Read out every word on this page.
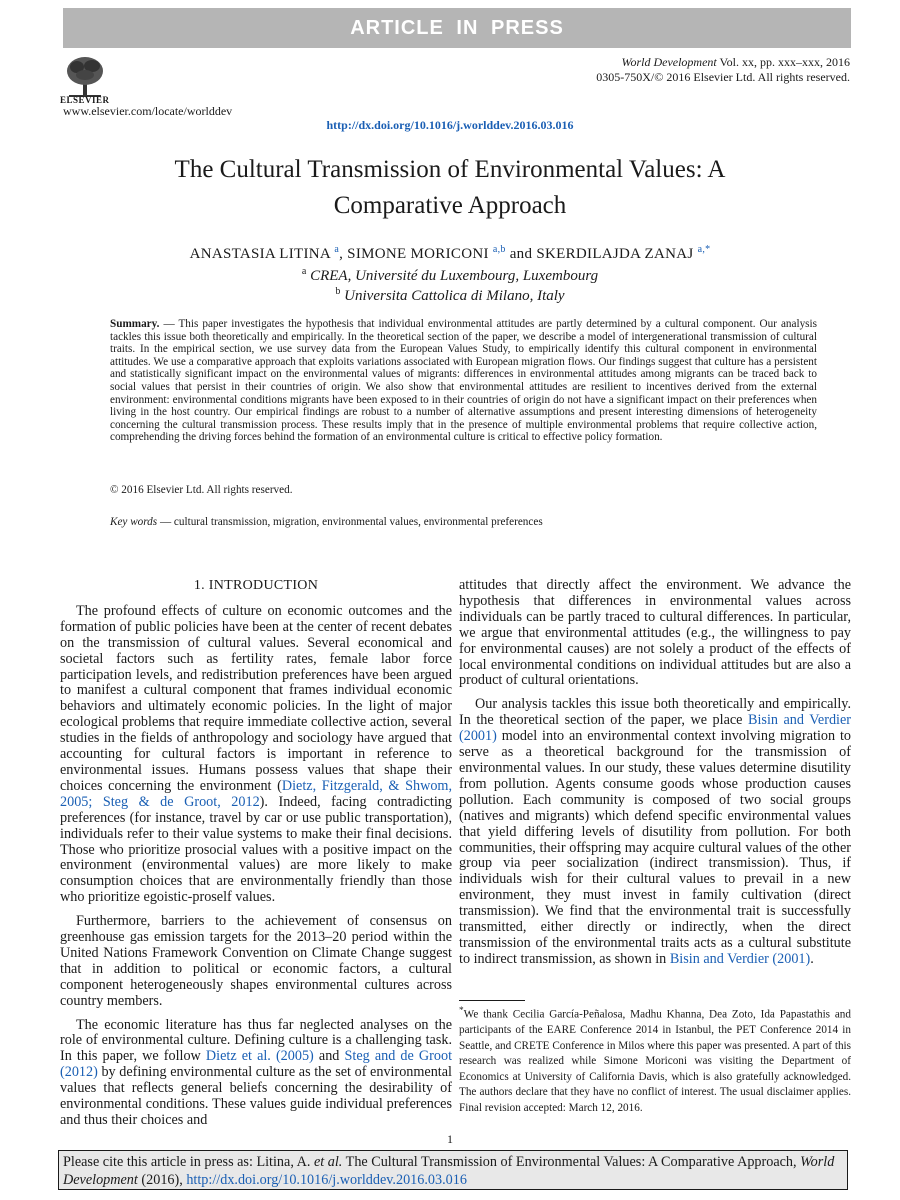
ARTICLE IN PRESS
ELSEVIER
www.elsevier.com/locate/worlddev
World Development Vol. xx, pp. xxx–xxx, 2016
0305-750X/© 2016 Elsevier Ltd. All rights reserved.
http://dx.doi.org/10.1016/j.worlddev.2016.03.016
The Cultural Transmission of Environmental Values: A
Comparative Approach
ANASTASIA LITINA $^a$, SIMONE MORICONI $^{a,b}$ and SKERDILAJDA ZANAJ $^{a,*}$
$^a$ CREA, Université du Luxembourg, Luxembourg
$^b$ Universita Cattolica di Milano, Italy
Summary. — This paper investigates the hypothesis that individual environmental attitudes are partly determined by a cultural component. Our analysis tackles this issue both theoretically and empirically. In the theoretical section of the paper, we describe a model of intergenerational transmission of cultural traits. In the empirical section, we use survey data from the European Values Study, to empirically identify this cultural component in environmental attitudes. We use a comparative approach that exploits variations associated with European migration flows. Our findings suggest that culture has a persistent and statistically significant impact on the environmental values of migrants: differences in environmental attitudes among migrants can be traced back to social values that persist in their countries of origin. We also show that environmental attitudes are resilient to incentives derived from the external environment: environmental conditions migrants have been exposed to in their countries of origin do not have a significant impact on their preferences when living in the host country. Our empirical findings are robust to a number of alternative assumptions and present interesting dimensions of heterogeneity concerning the cultural transmission process. These results imply that in the presence of multiple environmental problems that require collective action, comprehending the driving forces behind the formation of an environmental culture is critical to effective policy formation.
© 2016 Elsevier Ltd. All rights reserved.
Key words — cultural transmission, migration, environmental values, environmental preferences
1. INTRODUCTION

The profound effects of culture on economic outcomes and the formation of public policies have been at the center of recent debates on the transmission of cultural values. Several economical and societal factors such as fertility rates, female labor force participation levels, and redistribution preferences have been argued to manifest a cultural component that frames individual economic behaviors and ultimately economic policies. In the light of major ecological problems that require immediate collective action, several studies in the fields of anthropology and sociology have argued that accounting for cultural factors is important in reference to environmental issues. Humans possess values that shape their choices concerning the environment (Dietz, Fitzgerald, & Shwom, 2005; Steg & de Groot, 2012). Indeed, facing contradicting preferences (for instance, travel by car or use public transportation), individuals refer to their value systems to make their final decisions. Those who prioritize prosocial values with a positive impact on the environment (environmental values) are more likely to make consumption choices that are environmentally friendly than those who prioritize egoistic-proself values.

Furthermore, barriers to the achievement of consensus on greenhouse gas emission targets for the 2013–20 period within the United Nations Framework Convention on Climate Change suggest that in addition to political or economic factors, a cultural component heterogeneously shapes environmental cultures across country members.

The economic literature has thus far neglected analyses on the role of environmental culture. Defining culture is a challenging task. In this paper, we follow Dietz et al. (2005) and Steg and de Groot (2012) by defining environmental culture as the set of environmental values that reflects general beliefs concerning the desirability of environmental conditions. These values guide individual preferences and thus their choices and

attitudes that directly affect the environment. We advance the hypothesis that differences in environmental values across individuals can be partly traced to cultural differences. In particular, we argue that environmental attitudes (e.g., the willingness to pay for environmental causes) are not solely a product of the effects of local environmental conditions on individual attitudes but are also a product of cultural orientations.

Our analysis tackles this issue both theoretically and empirically. In the theoretical section of the paper, we place Bisin and Verdier (2001) model into an environmental context involving migration to serve as a theoretical background for the transmission of environmental values. In our study, these values determine disutility from pollution. Agents consume goods whose production causes pollution. Each community is composed of two social groups (natives and migrants) which defend specific environmental values that yield differing levels of disutility from pollution. For both communities, their offspring may acquire cultural values of the other group via peer socialization (indirect transmission). Thus, if individuals wish for their cultural values to prevail in a new environment, they must invest in family cultivation (direct transmission). We find that the environmental trait is successfully transmitted, either directly or indirectly, when the direct transmission of the environmental traits acts as a cultural substitute to indirect transmission, as shown in Bisin and Verdier (2001).

*We thank Cecilia García-Peñalosa, Madhu Khanna, Dea Zoto, Ida Papastathis and participants of the EARE Conference 2014 in Istanbul, the PET Conference 2014 in Seattle, and CRETE Conference in Milos where this paper was presented. A part of this research was realized while Simone Moriconi was visiting the Department of Economics at University of California Davis, which is also gratefully acknowledged. The authors declare that they have no conflict of interest. The usual disclaimer applies. Final revision accepted: March 12, 2016.
1
Please cite this article in press as: Litina, A. et al. The Cultural Transmission of Environmental Values: A Comparative Approach, World Development (2016), http://dx.doi.org/10.1016/j.worlddev.2016.03.016
